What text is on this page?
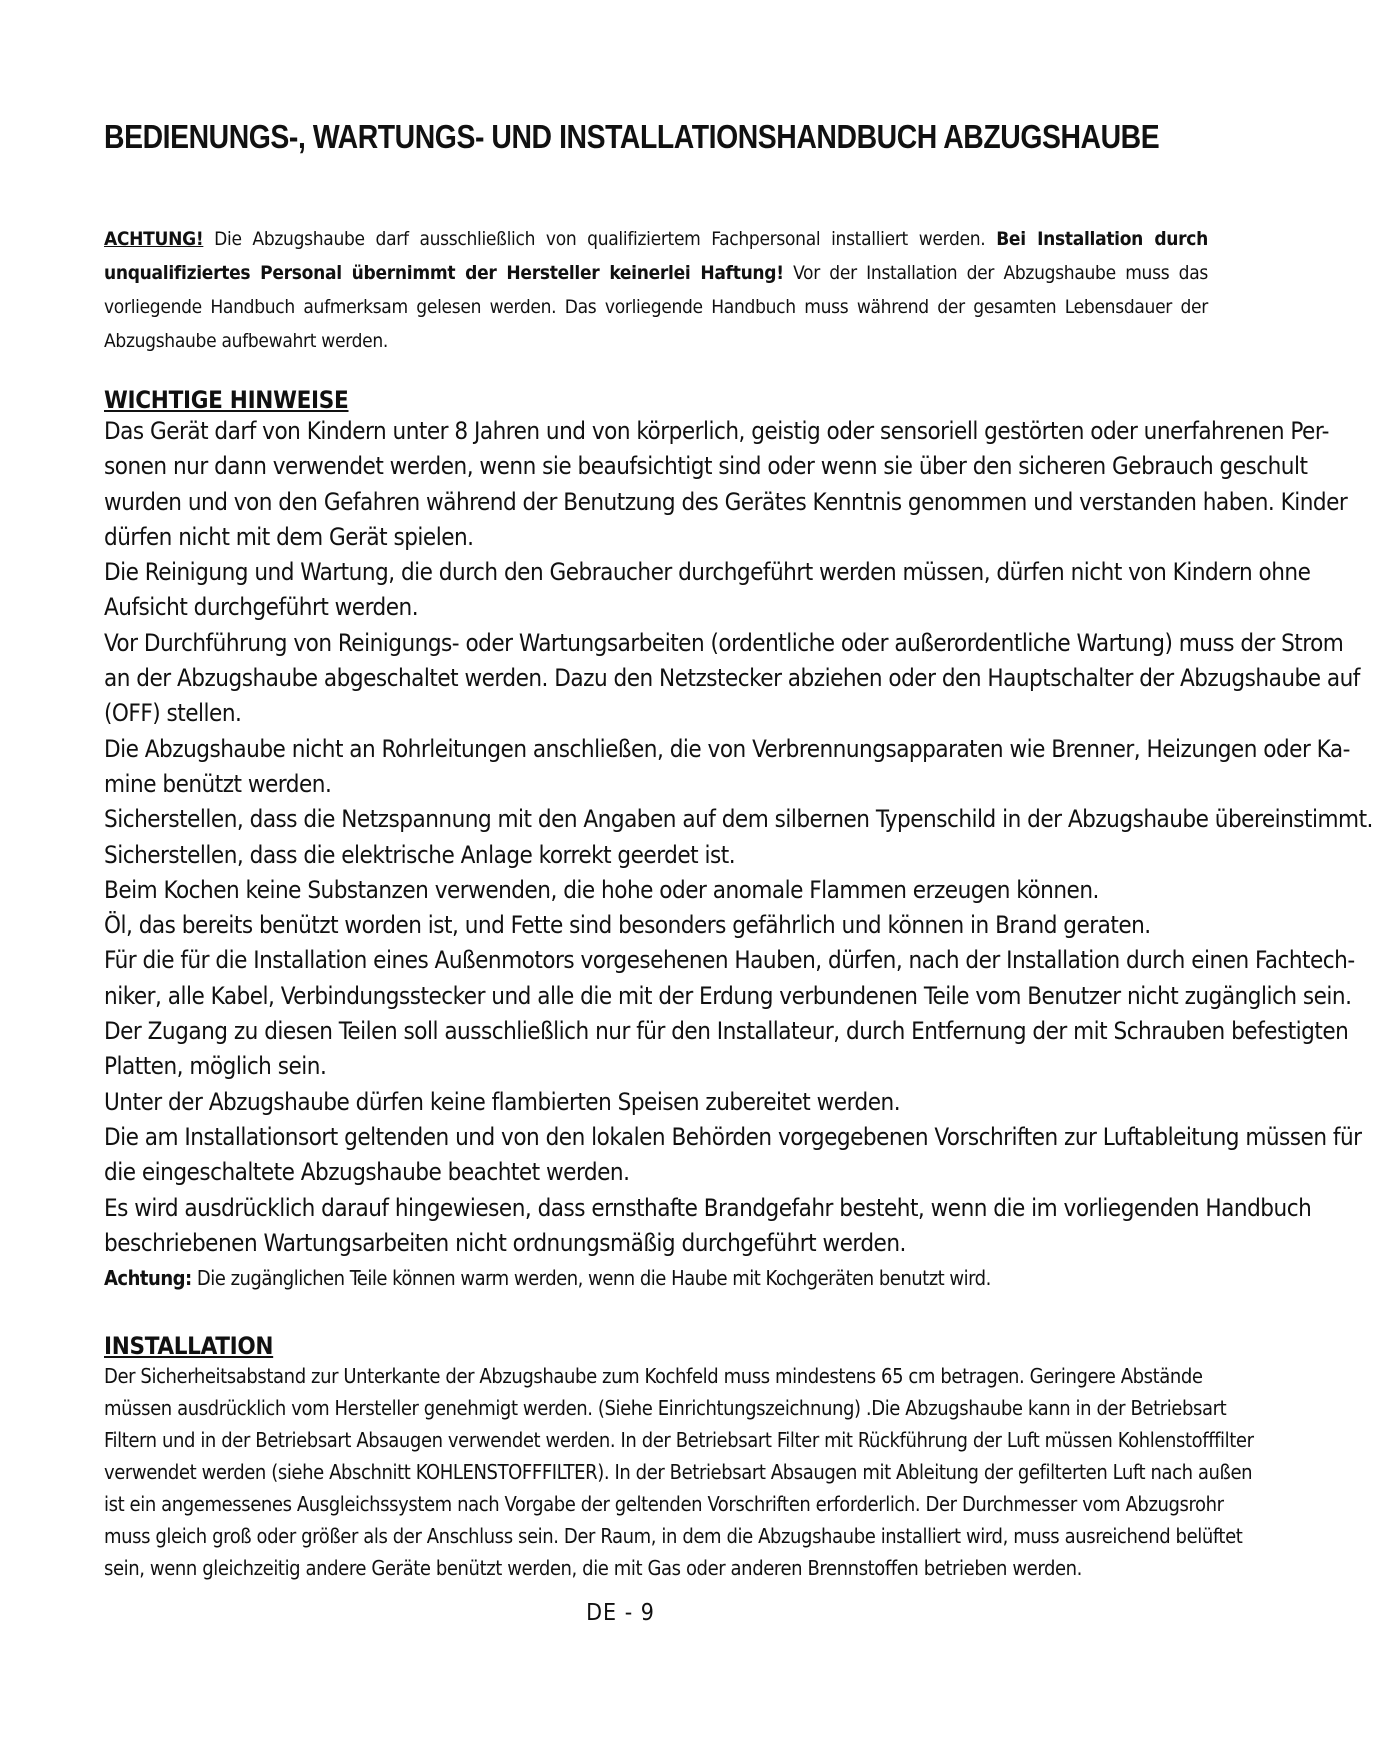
BEDIENUNGS-, WARTUNGS- UND INSTALLATIONSHANDBUCH ABZUGSHAUBE
ACHTUNG! Die Abzugshaube darf ausschließlich von qualifiziertem Fachpersonal installiert werden. Bei Installation durch unqualifiziertes Personal übernimmt der Hersteller keinerlei Haftung! Vor der Installation der Abzugshaube muss das vorliegende Handbuch aufmerksam gelesen werden. Das vorliegende Handbuch muss während der gesamten Lebensdauer der Abzugshaube aufbewahrt werden.
WICHTIGE HINWEISE

Das Gerät darf von Kindern unter 8 Jahren und von körperlich, geistig oder sensoriell gestörten oder unerfahrenen Per-

sonen nur dann verwendet werden, wenn sie beaufsichtigt sind oder wenn sie über den sicheren Gebrauch geschult

wurden und von den Gefahren während der Benutzung des Gerätes Kenntnis genommen und verstanden haben. Kinder

dürfen nicht mit dem Gerät spielen.

Die Reinigung und Wartung, die durch den Gebraucher durchgeführt werden müssen, dürfen nicht von Kindern ohne

Aufsicht durchgeführt werden.

Vor Durchführung von Reinigungs- oder Wartungsarbeiten (ordentliche oder außerordentliche Wartung) muss der Strom

an der Abzugshaube abgeschaltet werden. Dazu den Netzstecker abziehen oder den Hauptschalter der Abzugshaube auf

(OFF) stellen.

Die Abzugshaube nicht an Rohrleitungen anschließen, die von Verbrennungsapparaten wie Brenner, Heizungen oder Ka-

mine benützt werden.

Sicherstellen, dass die Netzspannung mit den Angaben auf dem silbernen Typenschild in der Abzugshaube übereinstimmt.

Sicherstellen, dass die elektrische Anlage korrekt geerdet ist.

Beim Kochen keine Substanzen verwenden, die hohe oder anomale Flammen erzeugen können.

Öl, das bereits benützt worden ist, und Fette sind besonders gefährlich und können in Brand geraten.

Für die für die Installation eines Außenmotors vorgesehenen Hauben, dürfen, nach der Installation durch einen Fachtech-

niker, alle Kabel, Verbindungsstecker und alle die mit der Erdung verbundenen Teile vom Benutzer nicht zugänglich sein.

Der Zugang zu diesen Teilen soll ausschließlich nur für den Installateur, durch Entfernung der mit Schrauben befestigten

Platten, möglich sein.

Unter der Abzugshaube dürfen keine flambierten Speisen zubereitet werden.

Die am Installationsort geltenden und von den lokalen Behörden vorgegebenen Vorschriften zur Luftableitung müssen für

die eingeschaltete Abzugshaube beachtet werden.

Es wird ausdrücklich darauf hingewiesen, dass ernsthafte Brandgefahr besteht, wenn die im vorliegenden Handbuch

beschriebenen Wartungsarbeiten nicht ordnungsmäßig durchgeführt werden.

Achtung: Die zugänglichen Teile können warm werden, wenn die Haube mit Kochgeräten benutzt wird.

INSTALLATION

Der Sicherheitsabstand zur Unterkante der Abzugshaube zum Kochfeld muss mindestens 65 cm betragen. Geringere Abstände

müssen ausdrücklich vom Hersteller genehmigt werden. (Siehe Einrichtungszeichnung) .Die Abzugshaube kann in der Betriebsart

Filtern und in der Betriebsart Absaugen verwendet werden. In der Betriebsart Filter mit Rückführung der Luft müssen Kohlenstofffilter

verwendet werden (siehe Abschnitt KOHLENSTOFFFILTER). In der Betriebsart Absaugen mit Ableitung der gefilterten Luft nach außen

ist ein angemessenes Ausgleichssystem nach Vorgabe der geltenden Vorschriften erforderlich. Der Durchmesser vom Abzugsrohr

muss gleich groß oder größer als der Anschluss sein. Der Raum, in dem die Abzugshaube installiert wird, muss ausreichend belüftet

sein, wenn gleichzeitig andere Geräte benützt werden, die mit Gas oder anderen Brennstoffen betrieben werden.

DE - 9
